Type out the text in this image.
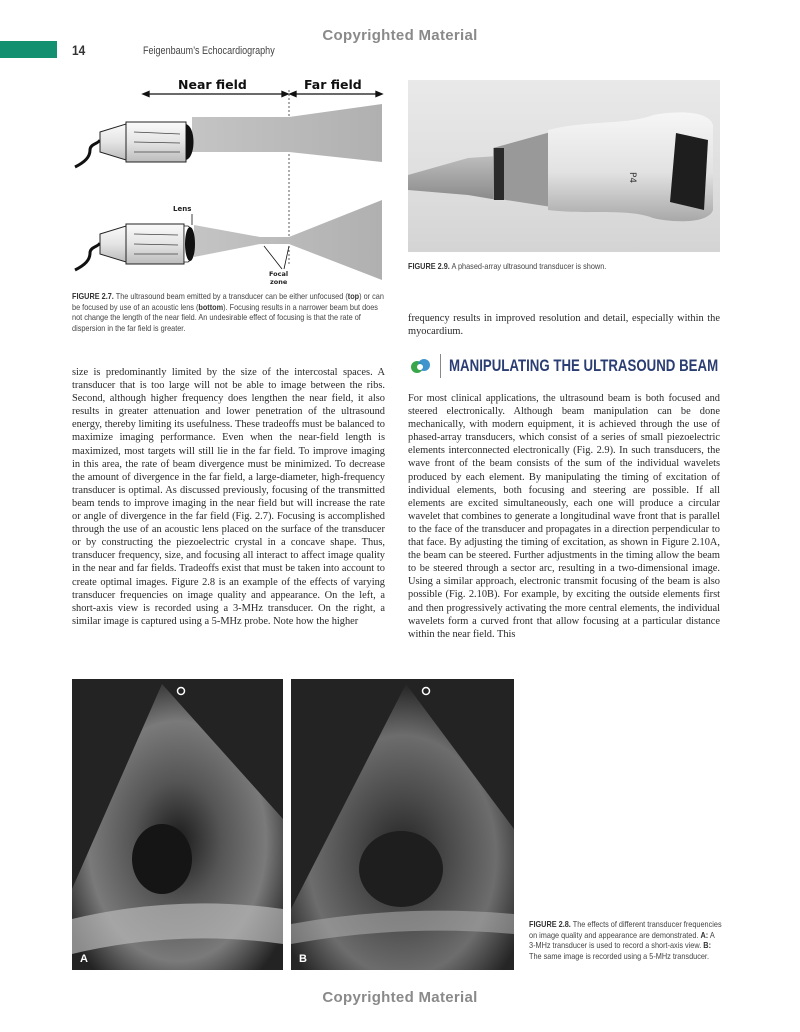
Copyrighted Material
Copyrighted Material
14	Feigenbaum’s Echocardiography
Near field	Far field
Lens
Focal
zone
FIGURE 2.7. The ultrasound beam emitted by a transducer can be either unfocused (top) or can be focused by use of an acoustic lens (bottom). Focusing results in a narrower beam but does not change the length of the near field. An undesirable effect of focusing is that the rate of dispersion in the far field is greater.
P4
FIGURE 2.9. A phased-array ultrasound transducer is shown.

frequency results in improved resolution and detail, especially within the myocardium.

MANIPULATING THE ULTRASOUND BEAM

size is predominantly limited by the size of the intercostal spaces. A transducer that is too large will not be able to image between the ribs. Second, although higher frequency does lengthen the near field, it also results in greater attenuation and lower penetration of the ultrasound energy, thereby limiting its usefulness. These tradeoffs must be balanced to maximize imaging performance. Even when the near-field length is maximized, most targets will still lie in the far field. To improve imaging in this area, the rate of beam divergence must be minimized. To decrease the amount of divergence in the far field, a large-diameter, high-frequency transducer is optimal. As discussed previously, focusing of the transmitted beam tends to improve imaging in the near field but will increase the rate or angle of divergence in the far field (Fig. 2.7). Focusing is accomplished through the use of an acoustic lens placed on the surface of the transducer or by constructing the piezoelectric crystal in a concave shape. Thus, transducer frequency, size, and focusing all interact to affect image quality in the near and far fields. Tradeoffs exist that must be taken into account to create optimal images. Figure 2.8 is an example of the effects of varying transducer frequencies on image quality and appearance. On the left, a short-axis view is recorded using a 3-MHz transducer. On the right, a similar image is captured using a 5-MHz probe. Note how the higher

For most clinical applications, the ultrasound beam is both focused and steered electronically. Although beam manipulation can be done mechanically, with modern equipment, it is achieved through the use of phased-array transducers, which consist of a series of small piezoelectric elements interconnected electronically (Fig. 2.9). In such transducers, the wave front of the beam consists of the sum of the individual wavelets produced by each element. By manipulating the timing of excitation of individual elements, both focusing and steering are possible. If all elements are excited simultaneously, each one will produce a circular wavelet that combines to generate a longitudinal wave front that is parallel to the face of the transducer and propagates in a direction perpendicular to that face. By adjusting the timing of excitation, as shown in Figure 2.10A, the beam can be steered. Further adjustments in the timing allow the beam to be steered through a sector arc, resulting in a two-dimensional image. Using a similar approach, electronic transmit focusing of the beam is also possible (Fig. 2.10B). For example, by exciting the outside elements first and then progressively activating the more central elements, the individual wavelets form a curved front that allow focusing at a particular distance within the near field. This

A	B
FIGURE 2.8. The effects of different transducer frequencies on image quality and appearance are demonstrated. A: A 3-MHz transducer is used to record a short-axis view. B: The same image is recorded using a 5-MHz transducer.
